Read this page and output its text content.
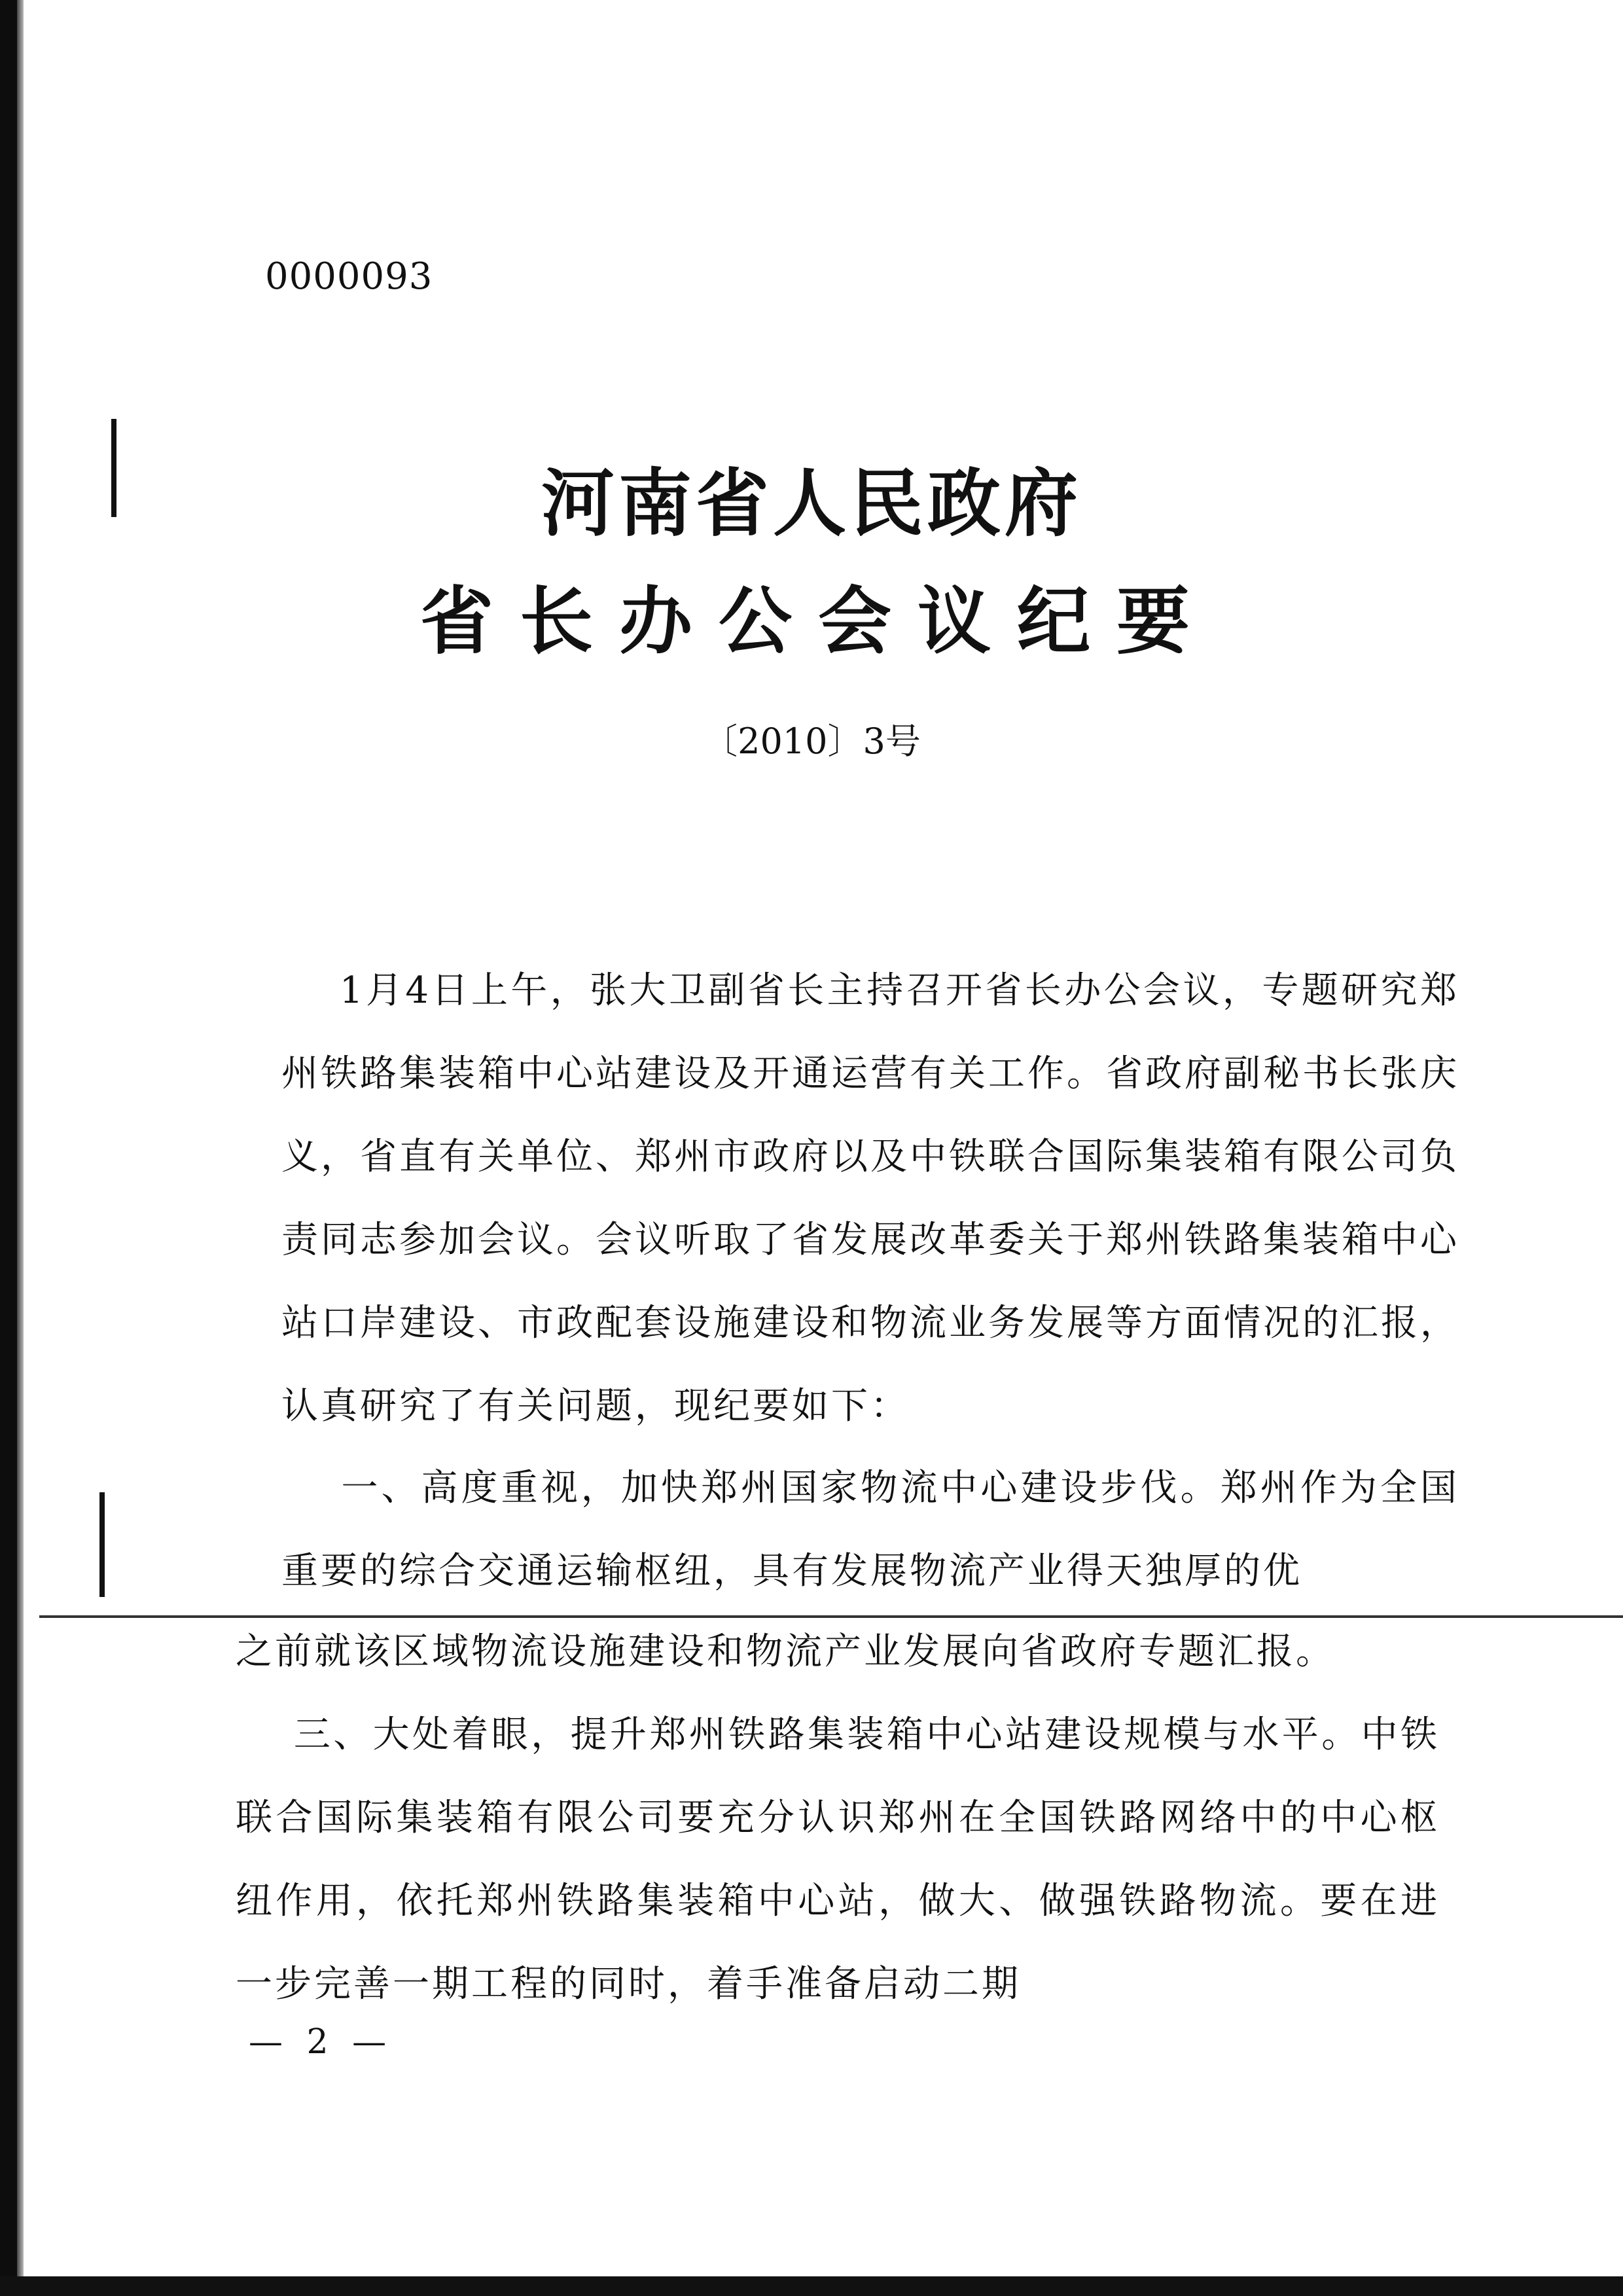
0000093
河南省人民政府
省长办公会议纪要
〔2010〕3号
1月4日上午，张大卫副省长主持召开省长办公会议，专题研究郑州铁路集装箱中心站建设及开通运营有关工作。省政府副秘书长张庆义，省直有关单位、郑州市政府以及中铁联合国际集装箱有限公司负责同志参加会议。会议听取了省发展改革委关于郑州铁路集装箱中心站口岸建设、市政配套设施建设和物流业务发展等方面情况的汇报，认真研究了有关问题，现纪要如下：
一、高度重视，加快郑州国家物流中心建设步伐。郑州作为全国重要的综合交通运输枢纽，具有发展物流产业得天独厚的优
之前就该区域物流设施建设和物流产业发展向省政府专题汇报。
三、大处着眼，提升郑州铁路集装箱中心站建设规模与水平。中铁联合国际集装箱有限公司要充分认识郑州在全国铁路网络中的中心枢纽作用，依托郑州铁路集装箱中心站，做大、做强铁路物流。要在进一步完善一期工程的同时，着手准备启动二期
— 2 —
